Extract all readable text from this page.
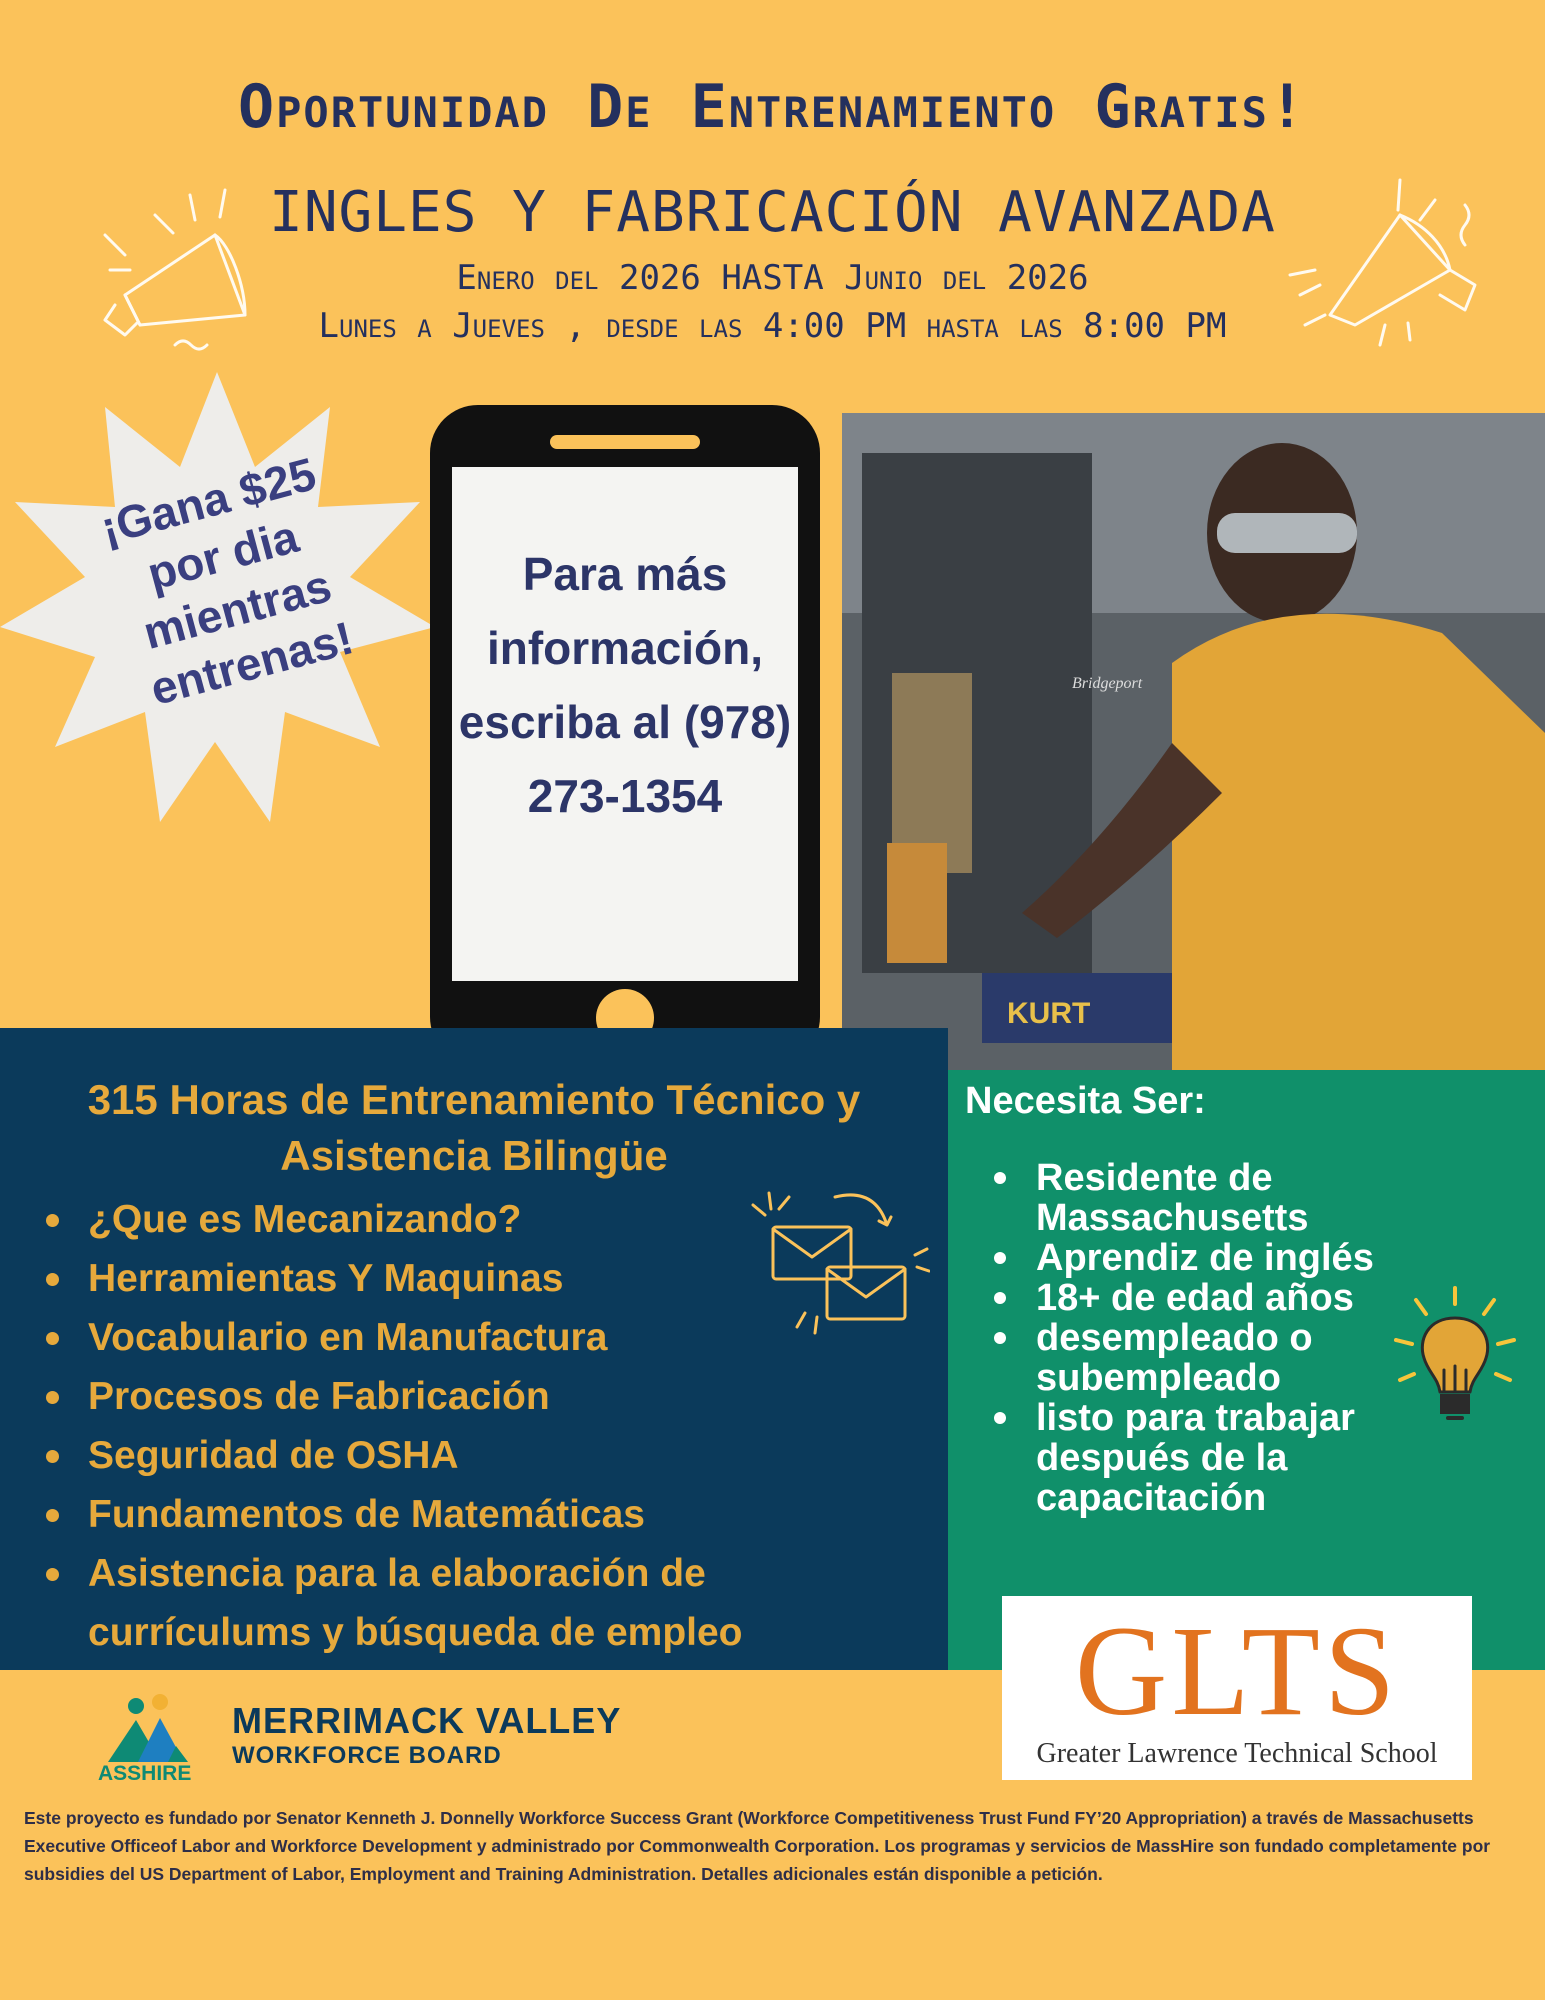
Oportunidad De Entrenamiento Gratis!
INGLES Y FABRICACIÓN AVANZADA
Enero del 2026 HASTA Junio del 2026
Lunes a Jueves , desde las 4:00 PM hasta las 8:00 PM
¡Gana $25 por dia mientras entrenas!
Para más información, escriba al (978) 273-1354
KURT
Bridgeport
315 Horas de Entrenamiento Técnico y Asistencia Bilingüe
¿Que es Mecanizando?
Herramientas Y Maquinas
Vocabulario en Manufactura
Procesos de Fabricación
Seguridad de OSHA
Fundamentos de Matemáticas
Asistencia para la elaboración de currículums y búsqueda de empleo
Necesita Ser:
Residente de Massachusetts
Aprendiz de inglés
18+ de edad años
desempleado o subempleado
listo para trabajar después de la capacitación
GLTS
Greater Lawrence Technical School
ASSHIRE
MERRIMACK VALLEY
WORKFORCE BOARD
Este proyecto es fundado por Senator Kenneth J. Donnelly Workforce Success Grant (Workforce Competitiveness Trust Fund FY’20 Appropriation) a través de Massachusetts Executive Officeof Labor and Workforce Development y administrado por Commonwealth Corporation. Los programas y servicios de MassHire son fundado completamente por subsidies del US Department of Labor, Employment and Training Administration. Detalles adicionales están disponible a petición.
